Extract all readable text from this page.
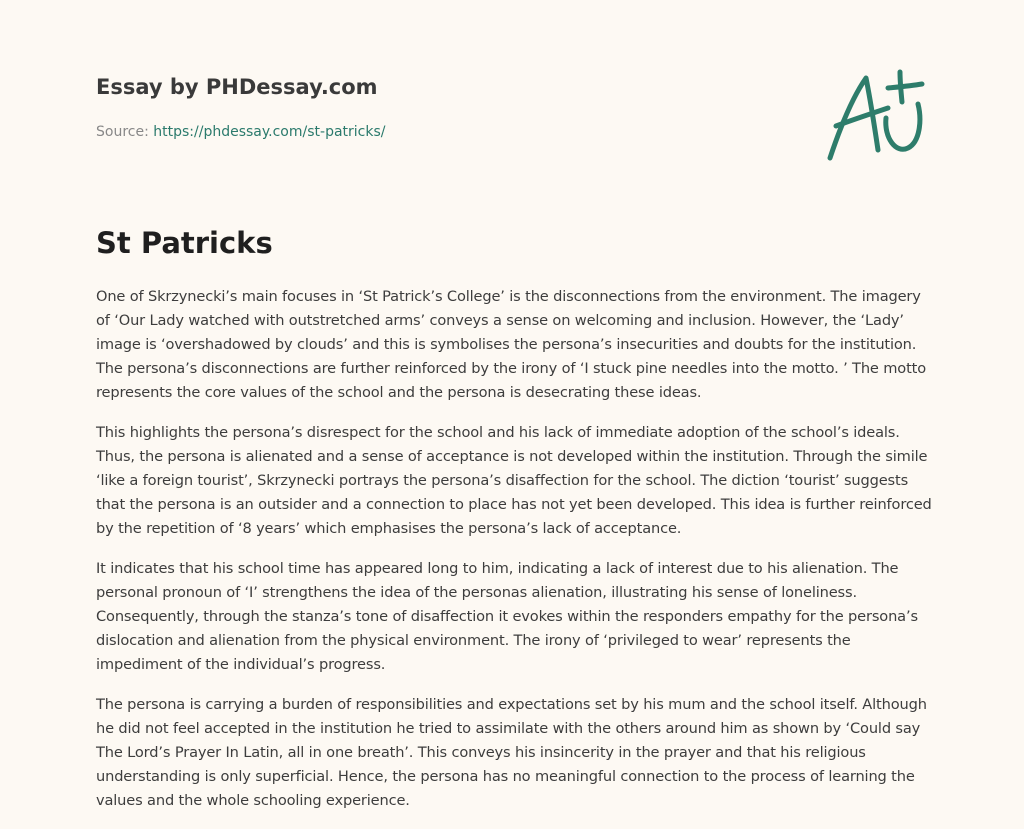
Essay by PHDessay.com
Source: https://phdessay.com/st-patricks/
St Patricks

One of Skrzynecki’s main focuses in ‘St Patrick’s College’ is the disconnections from the environment. The imagery of ‘Our Lady watched with outstretched arms’ conveys a sense on welcoming and inclusion. However, the ‘Lady’ image is ‘overshadowed by clouds’ and this is symbolises the persona’s insecurities and doubts for the institution. The persona’s disconnections are further reinforced by the irony of ‘I stuck pine needles into the motto. ’ The motto represents the core values of the school and the persona is desecrating these ideas.

This highlights the persona’s disrespect for the school and his lack of immediate adoption of the school’s ideals. Thus, the persona is alienated and a sense of acceptance is not developed within the institution. Through the simile ‘like a foreign tourist’, Skrzynecki portrays the persona’s disaffection for the school. The diction ‘tourist’ suggests that the persona is an outsider and a connection to place has not yet been developed. This idea is further reinforced by the repetition of ‘8 years’ which emphasises the persona’s lack of acceptance.

It indicates that his school time has appeared long to him, indicating a lack of interest due to his alienation. The personal pronoun of ‘I’ strengthens the idea of the personas alienation, illustrating his sense of loneliness. Consequently, through the stanza’s tone of disaffection it evokes within the responders empathy for the persona’s dislocation and alienation from the physical environment. The irony of ‘privileged to wear’ represents the impediment of the individual’s progress.

The persona is carrying a burden of responsibilities and expectations set by his mum and the school itself. Although he did not feel accepted in the institution he tried to assimilate with the others around him as shown by ‘Could say The Lord’s Prayer In Latin, all in one breath’. This conveys his insincerity in the prayer and that his religious understanding is only superficial. Hence, the persona has no meaningful connection to the process of learning the values and the whole schooling experience.
